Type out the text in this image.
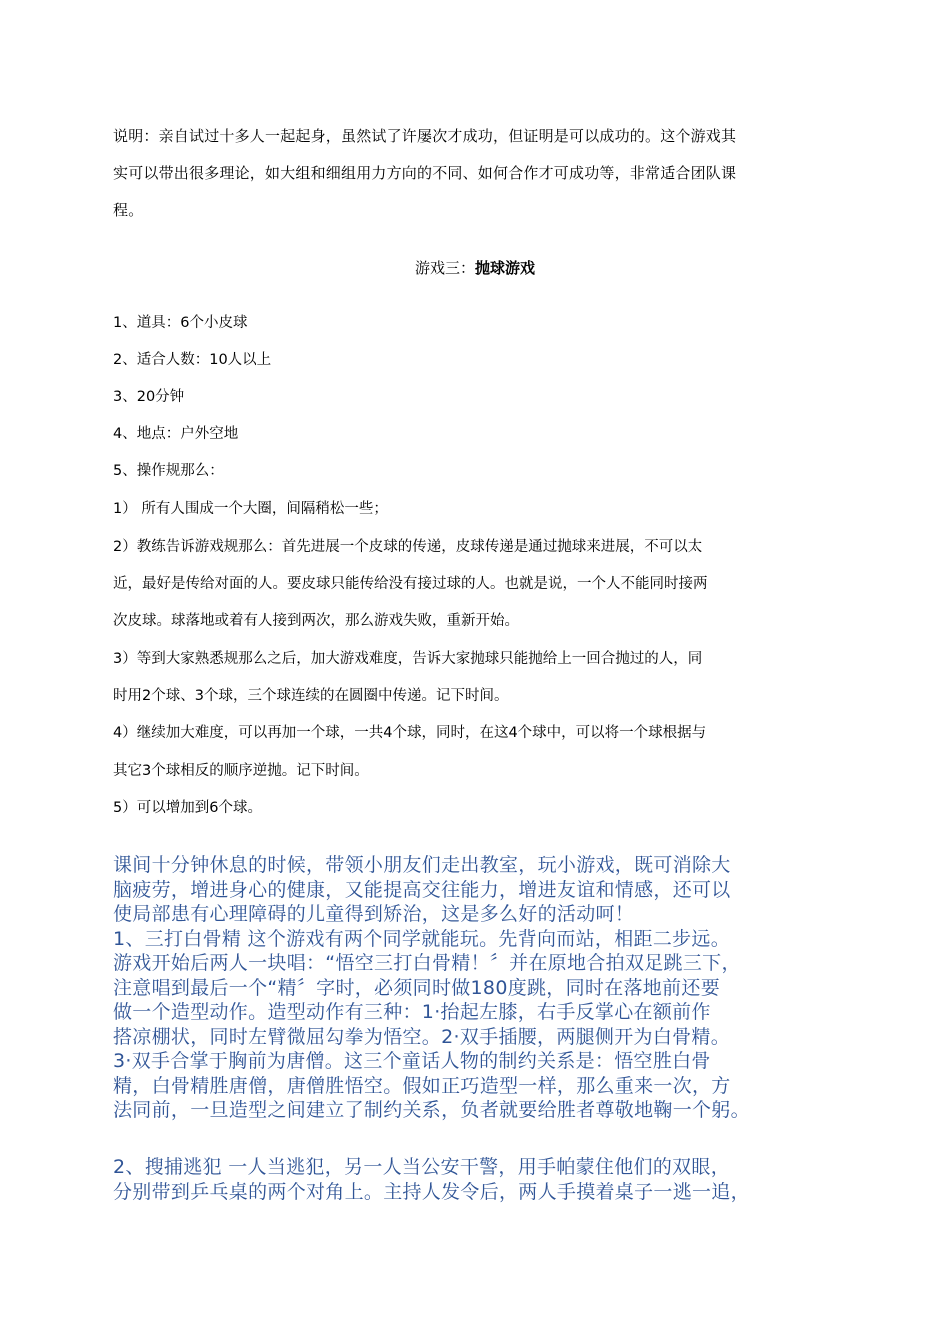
说明：亲自试过十多人一起起身，虽然试了许屡次才成功，但证明是可以成功的。这个游戏其
实可以带出很多理论，如大组和细组用力方向的不同、如何合作才可成功等，非常适合团队课
程。
游戏三：抛球游戏
1、道具：6个小皮球
2、适合人数：10人以上
3、20分钟
4、地点：户外空地
5、操作规那么：
1） 所有人围成一个大圈，间隔稍松一些；
2）教练告诉游戏规那么：首先进展一个皮球的传递，皮球传递是通过抛球来进展，不可以太
近，最好是传给对面的人。要皮球只能传给没有接过球的人。也就是说，一个人不能同时接两
次皮球。球落地或着有人接到两次，那么游戏失败，重新开始。
3）等到大家熟悉规那么之后，加大游戏难度，告诉大家抛球只能抛给上一回合抛过的人，同
时用2个球、3个球，三个球连续的在圆圈中传递。记下时间。
4）继续加大难度，可以再加一个球，一共4个球，同时，在这4个球中，可以将一个球根据与
其它3个球相反的顺序逆抛。记下时间。
5）可以增加到6个球。

课间十分钟休息的时候，带领小朋友们走出教室，玩小游戏，既可消除大

脑疲劳，增进身心的健康，又能提高交往能力，增进友谊和情感，还可以

使局部患有心理障碍的儿童得到矫治，这是多么好的活动呵！

1、三打白骨精 这个游戏有两个同学就能玩。先背向而站，相距二步远。

游戏开始后两人一块唱：“悟空三打白骨精！〞并在原地合拍双足跳三下，

注意唱到最后一个“精〞字时，必须同时做180度跳，同时在落地前还要

做一个造型动作。造型动作有三种：1·抬起左膝，右手反掌心在额前作

搭凉棚状，同时左臂微屈勾拳为悟空。2·双手插腰，两腿侧开为白骨精。

3·双手合掌于胸前为唐僧。这三个童话人物的制约关系是：悟空胜白骨

精，白骨精胜唐僧，唐僧胜悟空。假如正巧造型一样，那么重来一次，方

法同前，一旦造型之间建立了制约关系，负者就要给胜者尊敬地鞠一个躬。

2、搜捕逃犯 一人当逃犯，另一人当公安干警，用手帕蒙住他们的双眼，

分别带到乒乓桌的两个对角上。主持人发令后，两人手摸着桌子一逃一追，
